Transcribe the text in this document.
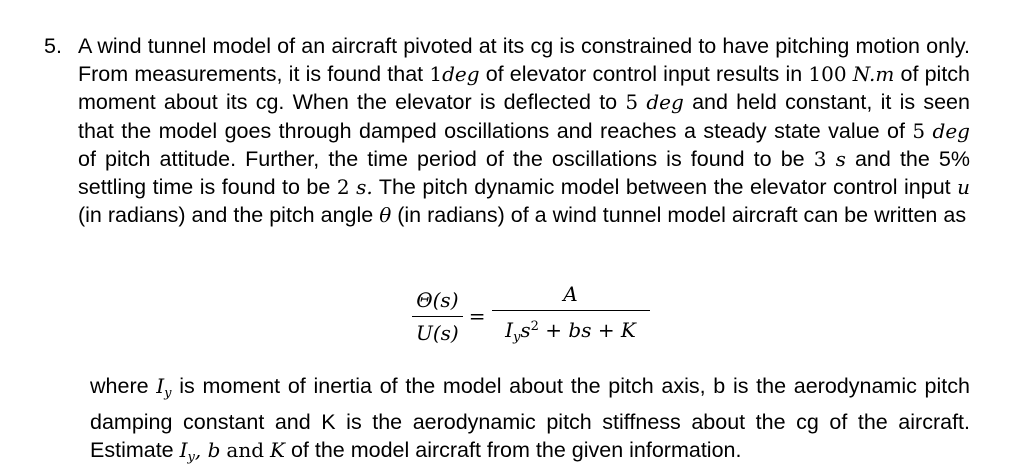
5. A wind tunnel model of an aircraft pivoted at its cg is constrained to have pitching motion only. From measurements, it is found that 1deg of elevator control input results in 100 N.m of pitch moment about its cg. When the elevator is deflected to 5 deg and held constant, it is seen that the model goes through damped oscillations and reaches a steady state value of 5 deg of pitch attitude. Further, the time period of the oscillations is found to be 3 s and the 5% settling time is found to be 2 s. The pitch dynamic model between the elevator control input u (in radians) and the pitch angle θ (in radians) of a wind tunnel model aircraft can be written as
$\frac{\Theta(s)}{U(s)} = \frac{A}{I_ys^2 + bs + K}$
where $I_y$ is moment of inertia of the model about the pitch axis, b is the aerodynamic pitch damping constant and K is the aerodynamic pitch stiffness about the cg of the aircraft. Estimate $I_y$, b and K of the model aircraft from the given information.
